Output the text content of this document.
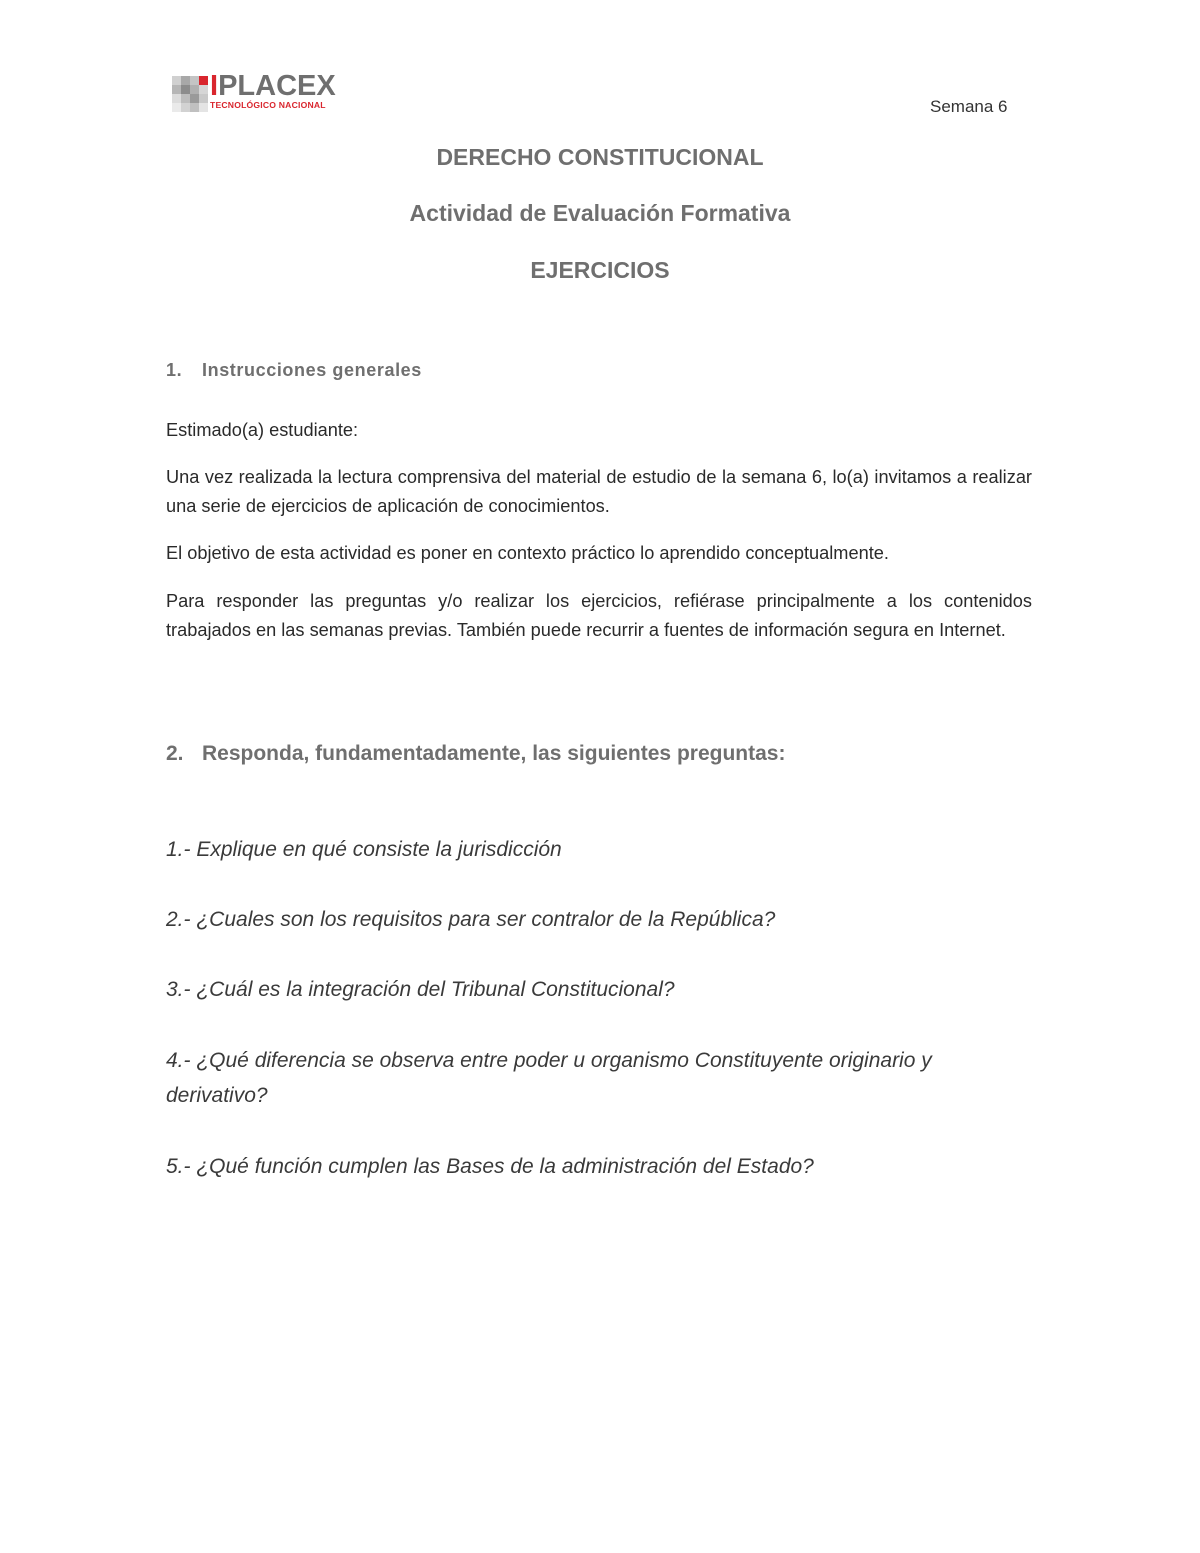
IPLACEX
TECNOLÓGICO NACIONAL	Semana 6
DERECHO CONSTITUCIONAL
Actividad de Evaluación Formativa
EJERCICIOS
1. Instrucciones generales
Estimado(a) estudiante:
Una vez realizada la lectura comprensiva del material de estudio de la semana 6, lo(a) invitamos a realizar una serie de ejercicios de aplicación de conocimientos.
El objetivo de esta actividad es poner en contexto práctico lo aprendido conceptualmente.
Para responder las preguntas y/o realizar los ejercicios, refiérase principalmente a los contenidos trabajados en las semanas previas. También puede recurrir a fuentes de información segura en Internet.
2. Responda, fundamentadamente, las siguientes preguntas:
1.- Explique en qué consiste la jurisdicción
2.- ¿Cuales son los requisitos para ser contralor de la República?
3.- ¿Cuál es la integración del Tribunal Constitucional?
4.- ¿Qué diferencia se observa entre poder u organismo Constituyente originario y derivativo?
5.- ¿Qué función cumplen las Bases de la administración del Estado?
